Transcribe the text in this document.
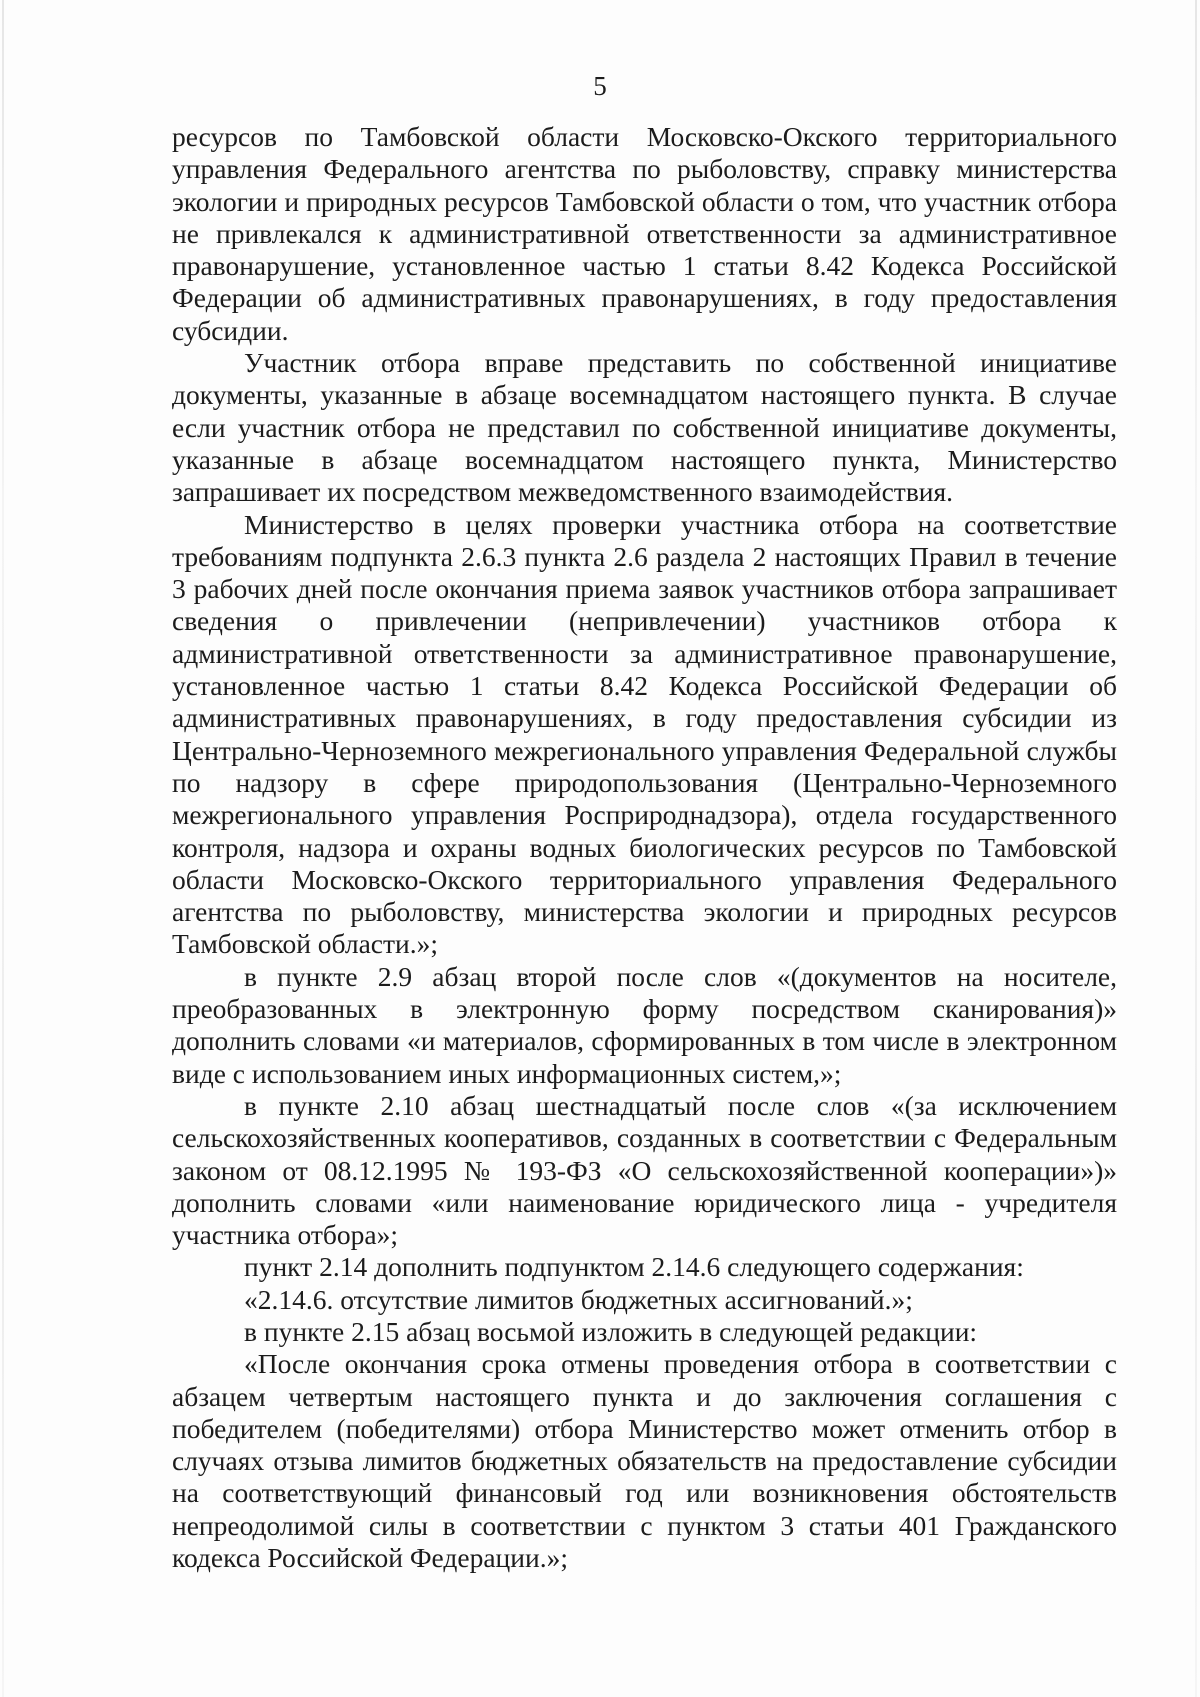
5

ресурсов по Тамбовской области Московско-Окского территориального управления Федерального агентства по рыболовству, справку министерства экологии и природных ресурсов Тамбовской области о том, что участник отбора не привлекался к административной ответственности за административное правонарушение, установленное частью 1 статьи 8.42 Кодекса Российской Федерации об административных правонарушениях, в году предоставления субсидии.

Участник отбора вправе представить по собственной инициативе документы, указанные в абзаце восемнадцатом настоящего пункта. В случае если участник отбора не представил по собственной инициативе документы, указанные в абзаце восемнадцатом настоящего пункта, Министерство запрашивает их посредством межведомственного взаимодействия.

Министерство в целях проверки участника отбора на соответствие требованиям подпункта 2.6.3 пункта 2.6 раздела 2 настоящих Правил в течение 3 рабочих дней после окончания приема заявок участников отбора запрашивает сведения о привлечении (непривлечении) участников отбора к административной ответственности за административное правонарушение, установленное частью 1 статьи 8.42 Кодекса Российской Федерации об административных правонарушениях, в году предоставления субсидии из Центрально-Черноземного межрегионального управления Федеральной службы по надзору в сфере природопользования (Центрально-Черноземного межрегионального управления Росприроднадзора), отдела государственного контроля, надзора и охраны водных биологических ресурсов по Тамбовской области Московско-Окского территориального управления Федерального агентства по рыболовству, министерства экологии и природных ресурсов Тамбовской области.»;

в пункте 2.9 абзац второй после слов «(документов на носителе, преобразованных в электронную форму посредством сканирования)» дополнить словами «и материалов, сформированных в том числе в электронном виде с использованием иных информационных систем,»;

в пункте 2.10 абзац шестнадцатый после слов «(за исключением сельскохозяйственных кооперативов, созданных в соответствии с Федеральным законом от 08.12.1995 № 193-ФЗ «О сельскохозяйственной кооперации»)» дополнить словами «или наименование юридического лица - учредителя участника отбора»;

пункт 2.14 дополнить подпунктом 2.14.6 следующего содержания:

«2.14.6. отсутствие лимитов бюджетных ассигнований.»;

в пункте 2.15 абзац восьмой изложить в следующей редакции:

«После окончания срока отмены проведения отбора в соответствии с абзацем четвертым настоящего пункта и до заключения соглашения с победителем (победителями) отбора Министерство может отменить отбор в случаях отзыва лимитов бюджетных обязательств на предоставление субсидии на соответствующий финансовый год или возникновения обстоятельств непреодолимой силы в соответствии с пунктом 3 статьи 401 Гражданского кодекса Российской Федерации.»;
